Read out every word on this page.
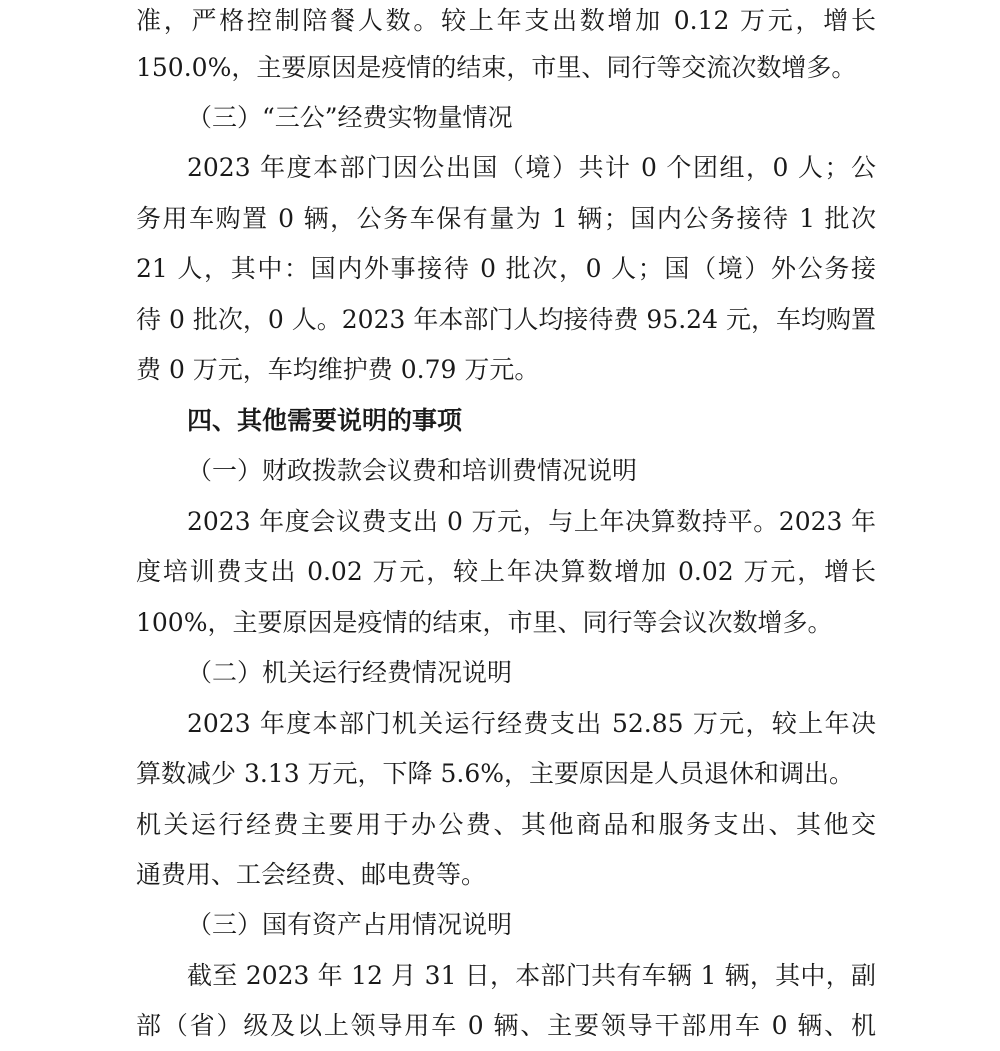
准，严格控制陪餐人数。较上年支出数增加 0.12 万元，增长
150.0%，主要原因是疫情的结束，市里、同行等交流次数增多。
（三）“三公”经费实物量情况
2023 年度本部门因公出国（境）共计 0 个团组，0 人；公
务用车购置 0 辆，公务车保有量为 1 辆；国内公务接待 1 批次
21 人，其中：国内外事接待 0 批次，0 人；国（境）外公务接
待 0 批次，0 人。2023 年本部门人均接待费 95.24 元，车均购置
费 0 万元，车均维护费 0.79 万元。
四、其他需要说明的事项
（一）财政拨款会议费和培训费情况说明
2023 年度会议费支出 0 万元，与上年决算数持平。2023 年
度培训费支出 0.02 万元，较上年决算数增加 0.02 万元，增长
100%，主要原因是疫情的结束，市里、同行等会议次数增多。
（二）机关运行经费情况说明
2023 年度本部门机关运行经费支出 52.85 万元，较上年决
算数减少 3.13 万元，下降 5.6%，主要原因是人员退休和调出。
机关运行经费主要用于办公费、其他商品和服务支出、其他交
通费用、工会经费、邮电费等。
（三）国有资产占用情况说明
截至 2023 年 12 月 31 日，本部门共有车辆 1 辆，其中，副
部（省）级及以上领导用车 0 辆、主要领导干部用车 0 辆、机
